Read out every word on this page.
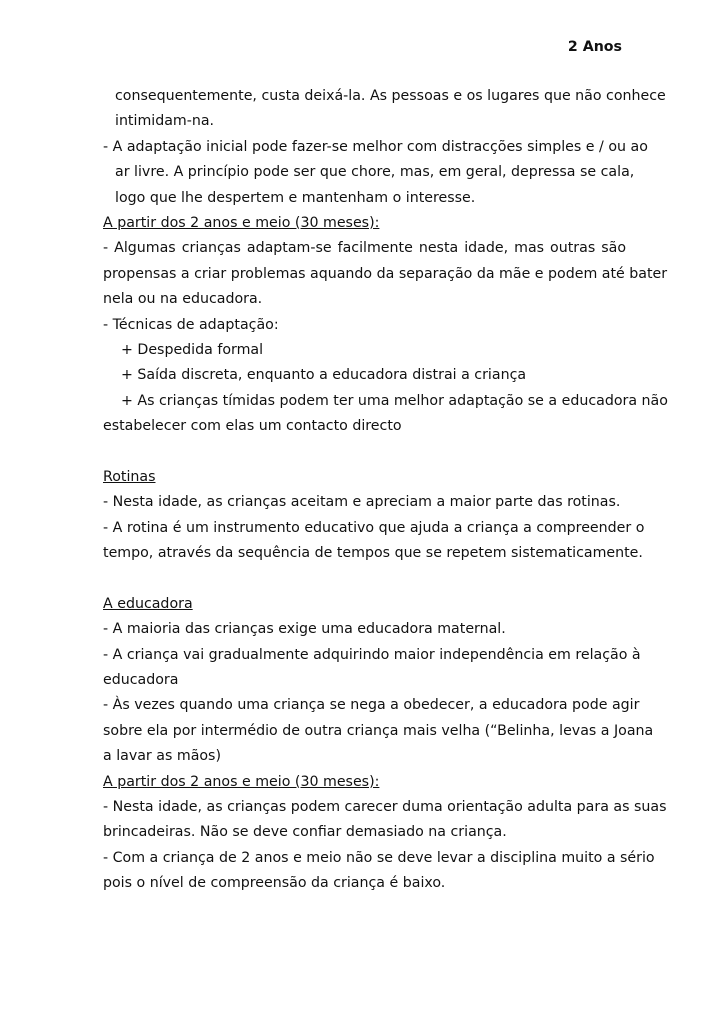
2 Anos
consequentemente, custa deixá-la. As pessoas e os lugares que não conhece
intimidam-na.
- A adaptação inicial pode fazer-se melhor com distracções simples e / ou ao
ar livre. A princípio pode ser que chore, mas, em geral, depressa se cala,
logo que lhe despertem e mantenham o interesse.
A partir dos 2 anos e meio (30 meses):
- Algumas crianças adaptam-se facilmente nesta idade, mas outras são
propensas a criar problemas aquando da separação da mãe e podem até bater
nela ou na educadora.
- Técnicas de adaptação:
+ Despedida formal
+ Saída discreta, enquanto a educadora distrai a criança
+ As crianças tímidas podem ter uma melhor adaptação se a educadora não
estabelecer com elas um contacto directo
Rotinas
- Nesta idade, as crianças aceitam e apreciam a maior parte das rotinas.
- A rotina é um instrumento educativo que ajuda a criança a compreender o
tempo, através da sequência de tempos que se repetem sistematicamente.
A educadora
- A maioria das crianças exige uma educadora maternal.
- A criança vai gradualmente adquirindo maior independência em relação à
educadora
- Às vezes quando uma criança se nega a obedecer, a educadora pode agir
sobre ela por intermédio de outra criança mais velha (“Belinha, levas a Joana
a lavar as mãos)
A partir dos 2 anos e meio (30 meses):
- Nesta idade, as crianças podem carecer duma orientação adulta para as suas
brincadeiras. Não se deve confiar demasiado na criança.
- Com a criança de 2 anos e meio não se deve levar a disciplina muito a sério
pois o nível de compreensão da criança é baixo.
